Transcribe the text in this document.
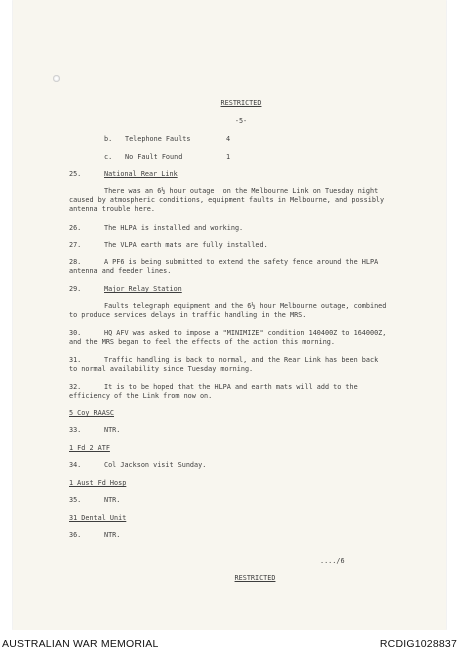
RESTRICTED
-5-
b. Telephone Faults	4
c. No Fault Found	1
25.	National Rear Link
There was an 6½ hour outage  on the Melbourne Link on Tuesday night
caused by atmospheric conditions, equipment faults in Melbourne, and possibly
antenna trouble here.
26.	The HLPA is installed and working.
27.	The VLPA earth mats are fully installed.
28.	A PF6 is being submitted to extend the safety fence around the HLPA
antenna and feeder lines.
29.	Major Relay Station
Faults telegraph equipment and the 6½ hour Melbourne outage, combined
to produce services delays in traffic handling in the MRS.
30.	HQ AFV was asked to impose a "MINIMIZE" condition 140400Z to 164000Z,
and the MRS began to feel the effects of the action this morning.
31.	Traffic handling is back to normal, and the Rear Link has been back
to normal availability since Tuesday morning.
32.	It is to be hoped that the HLPA and earth mats will add to the
efficiency of the Link from now on.
5 Coy RAASC
33.	NTR.
1 Fd 2 ATF
34.	Col Jackson visit Sunday.
1 Aust Fd Hosp
35.	NTR.
31 Dental Unit
36.	NTR.
..../6
RESTRICTED
AUSTRALIAN WAR MEMORIAL	RCDIG1028837
